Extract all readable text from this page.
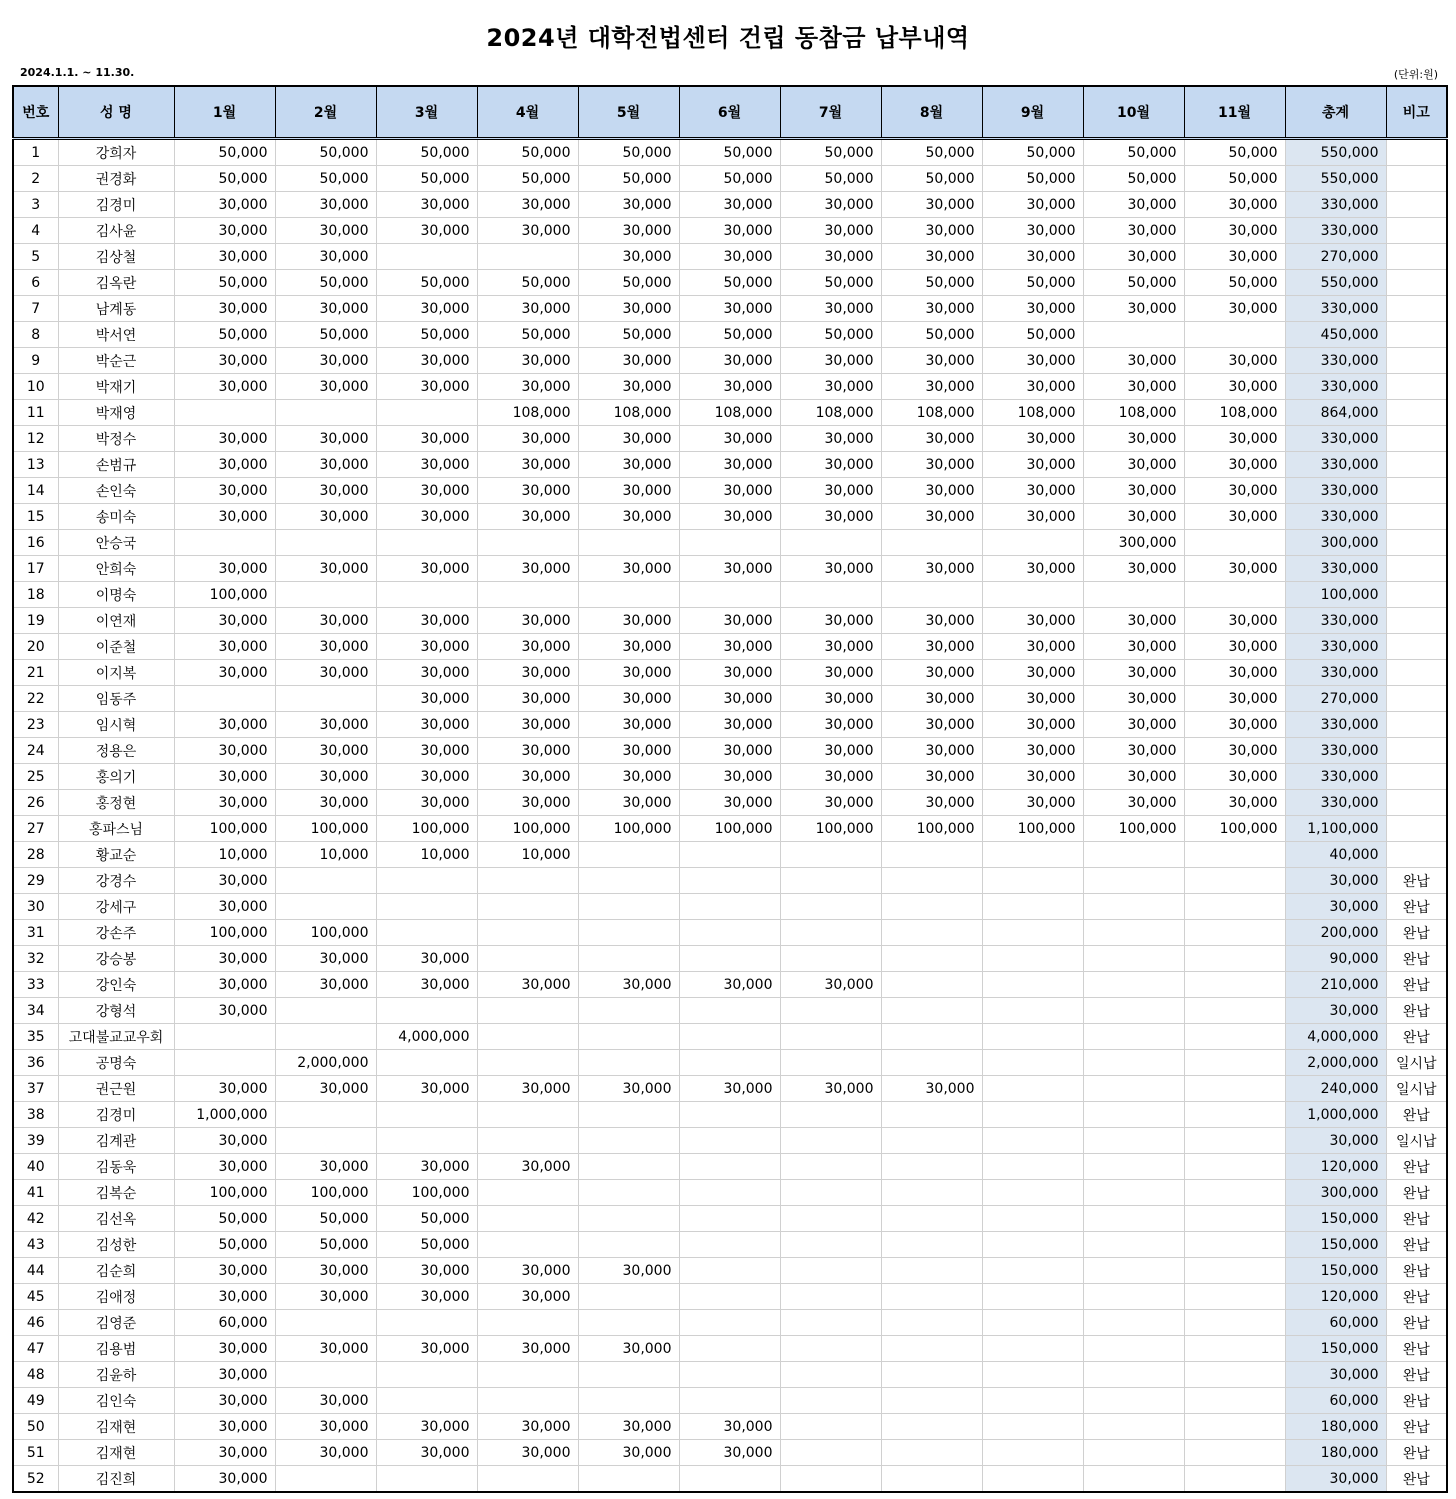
2024년 대학전법센터 건립 동참금 납부내역
2024.1.1. ~ 11.30.	(단위:원)
번호	성 명	1월	2월	3월	4월	5월	6월	7월	8월	9월	10월	11월	총계	비고
1	강희자	50,000	50,000	50,000	50,000	50,000	50,000	50,000	50,000	50,000	50,000	50,000	550,000	
2	권경화	50,000	50,000	50,000	50,000	50,000	50,000	50,000	50,000	50,000	50,000	50,000	550,000	
3	김경미	30,000	30,000	30,000	30,000	30,000	30,000	30,000	30,000	30,000	30,000	30,000	330,000	
4	김사윤	30,000	30,000	30,000	30,000	30,000	30,000	30,000	30,000	30,000	30,000	30,000	330,000	
5	김상철	30,000	30,000			30,000	30,000	30,000	30,000	30,000	30,000	30,000	270,000	
6	김옥란	50,000	50,000	50,000	50,000	50,000	50,000	50,000	50,000	50,000	50,000	50,000	550,000	
7	남계동	30,000	30,000	30,000	30,000	30,000	30,000	30,000	30,000	30,000	30,000	30,000	330,000	
8	박서연	50,000	50,000	50,000	50,000	50,000	50,000	50,000	50,000	50,000			450,000	
9	박순근	30,000	30,000	30,000	30,000	30,000	30,000	30,000	30,000	30,000	30,000	30,000	330,000	
10	박재기	30,000	30,000	30,000	30,000	30,000	30,000	30,000	30,000	30,000	30,000	30,000	330,000	
11	박재영				108,000	108,000	108,000	108,000	108,000	108,000	108,000	108,000	864,000	
12	박정수	30,000	30,000	30,000	30,000	30,000	30,000	30,000	30,000	30,000	30,000	30,000	330,000	
13	손범규	30,000	30,000	30,000	30,000	30,000	30,000	30,000	30,000	30,000	30,000	30,000	330,000	
14	손인숙	30,000	30,000	30,000	30,000	30,000	30,000	30,000	30,000	30,000	30,000	30,000	330,000	
15	송미숙	30,000	30,000	30,000	30,000	30,000	30,000	30,000	30,000	30,000	30,000	30,000	330,000	
16	안승국										300,000		300,000	
17	안희숙	30,000	30,000	30,000	30,000	30,000	30,000	30,000	30,000	30,000	30,000	30,000	330,000	
18	이명숙	100,000											100,000	
19	이연재	30,000	30,000	30,000	30,000	30,000	30,000	30,000	30,000	30,000	30,000	30,000	330,000	
20	이준철	30,000	30,000	30,000	30,000	30,000	30,000	30,000	30,000	30,000	30,000	30,000	330,000	
21	이지복	30,000	30,000	30,000	30,000	30,000	30,000	30,000	30,000	30,000	30,000	30,000	330,000	
22	임동주			30,000	30,000	30,000	30,000	30,000	30,000	30,000	30,000	30,000	270,000	
23	임시혁	30,000	30,000	30,000	30,000	30,000	30,000	30,000	30,000	30,000	30,000	30,000	330,000	
24	정용은	30,000	30,000	30,000	30,000	30,000	30,000	30,000	30,000	30,000	30,000	30,000	330,000	
25	홍의기	30,000	30,000	30,000	30,000	30,000	30,000	30,000	30,000	30,000	30,000	30,000	330,000	
26	홍정현	30,000	30,000	30,000	30,000	30,000	30,000	30,000	30,000	30,000	30,000	30,000	330,000	
27	홍파스님	100,000	100,000	100,000	100,000	100,000	100,000	100,000	100,000	100,000	100,000	100,000	1,100,000	
28	황교순	10,000	10,000	10,000	10,000								40,000	
29	강경수	30,000											30,000	완납
30	강세구	30,000											30,000	완납
31	강손주	100,000	100,000										200,000	완납
32	강승봉	30,000	30,000	30,000									90,000	완납
33	강인숙	30,000	30,000	30,000	30,000	30,000	30,000	30,000					210,000	완납
34	강형석	30,000											30,000	완납
35	고대불교교우회			4,000,000									4,000,000	완납
36	공명숙		2,000,000										2,000,000	일시납
37	권근원	30,000	30,000	30,000	30,000	30,000	30,000	30,000	30,000				240,000	일시납
38	김경미	1,000,000											1,000,000	완납
39	김계관	30,000											30,000	일시납
40	김동욱	30,000	30,000	30,000	30,000								120,000	완납
41	김복순	100,000	100,000	100,000									300,000	완납
42	김선옥	50,000	50,000	50,000									150,000	완납
43	김성한	50,000	50,000	50,000									150,000	완납
44	김순희	30,000	30,000	30,000	30,000	30,000							150,000	완납
45	김애정	30,000	30,000	30,000	30,000								120,000	완납
46	김영준	60,000											60,000	완납
47	김용범	30,000	30,000	30,000	30,000	30,000							150,000	완납
48	김윤하	30,000											30,000	완납
49	김인숙	30,000	30,000										60,000	완납
50	김재현	30,000	30,000	30,000	30,000	30,000	30,000						180,000	완납
51	김재현	30,000	30,000	30,000	30,000	30,000	30,000						180,000	완납
52	김진희	30,000											30,000	완납
